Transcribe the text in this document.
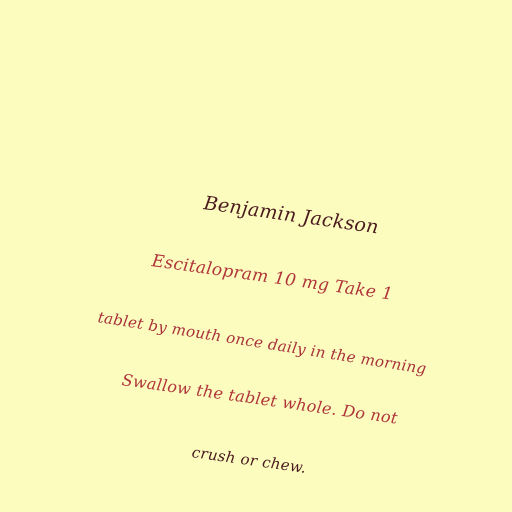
Benjamin Jackson
Escitalopram 10 mg Take 1
tablet by mouth once daily in the morning
Swallow the tablet whole. Do not
crush or chew.
